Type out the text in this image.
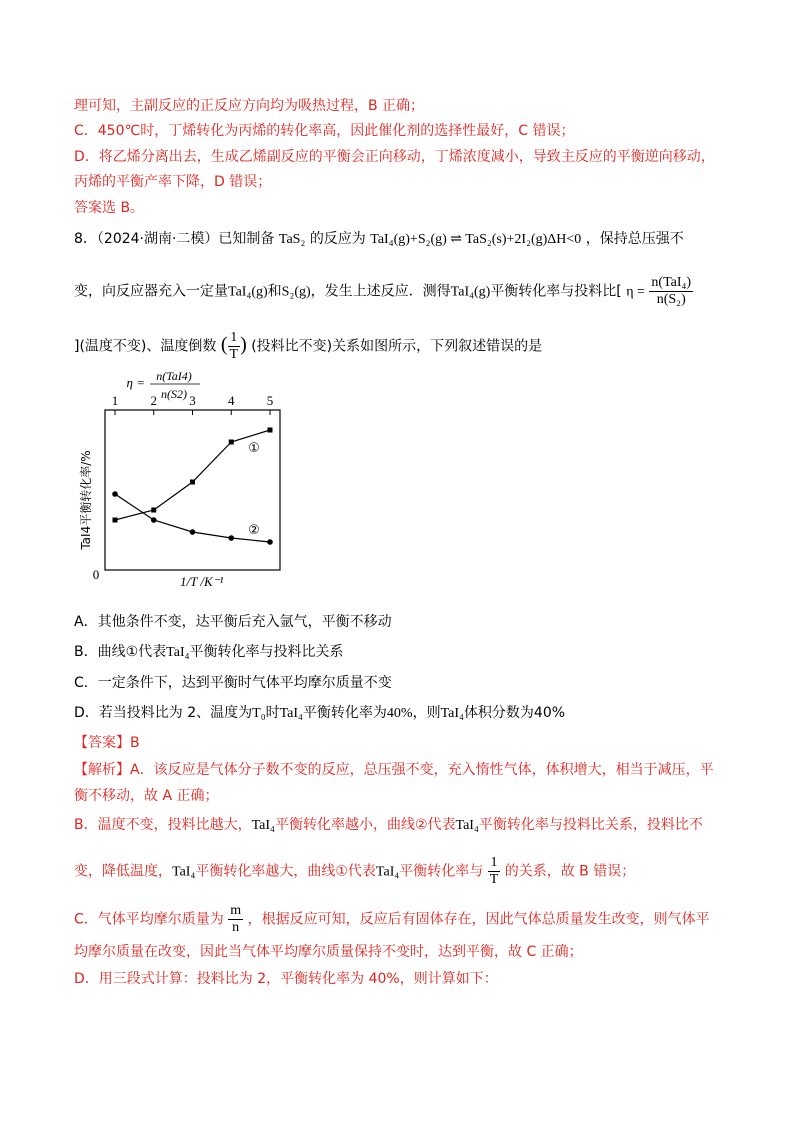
理可知，主副反应的正反应方向均为吸热过程，B 正确；
C．450℃时，丁烯转化为丙烯的转化率高，因此催化剂的选择性最好，C 错误；
D．将乙烯分离出去，生成乙烯副反应的平衡会正向移动，丁烯浓度减小，导致主反应的平衡逆向移动，
丙烯的平衡产率下降，D 错误；
答案选 B。
8．（2024·湖南·二模）已知制备 TaS₂ 的反应为 TaI₄(g)+S₂(g) ⇌ TaS₂(s)+2I₂(g)ΔH<0 ，保持总压强不
变，向反应器充入一定量TaI₄(g)和S₂(g)，发生上述反应．测得TaI₄(g)平衡转化率与投料比[ $\eta = \frac{\text{n(TaI₄)}}{\text{n(S₂)}}$
](温度不变)、温度倒数 ( $\frac{1}{T}$ ) (投料比不变)关系如图所示，下列叙述错误的是
1 2 3 4 5
η = n(TaI4)
n(S2)
TaI4平衡转化率/%
0	1/T /K⁻¹
①
②
A．其他条件不变，达平衡后充入氩气，平衡不移动
B．曲线①代表TaI₄平衡转化率与投料比关系
C．一定条件下，达到平衡时气体平均摩尔质量不变
D．若当投料比为 2、温度为T₀时TaI₄平衡转化率为40%，则TaI₄体积分数为40%
【答案】B
【解析】A．该反应是气体分子数不变的反应，总压强不变，充入惰性气体，体积增大，相当于减压，平
衡不移动，故 A 正确；
B．温度不变，投料比越大，TaI₄平衡转化率越小，曲线②代表TaI₄平衡转化率与投料比关系，投料比不
变，降低温度，TaI₄平衡转化率越大，曲线①代表TaI₄平衡转化率与 $\frac{1}{T}$ 的关系，故 B 错误；
C．气体平均摩尔质量为 $\frac{m}{n}$ ，根据反应可知，反应后有固体存在，因此气体总质量发生改变，则气体平
均摩尔质量在改变，因此当气体平均摩尔质量保持不变时，达到平衡，故 C 正确；
D．用三段式计算：投料比为 2，平衡转化率为 40%，则计算如下：
